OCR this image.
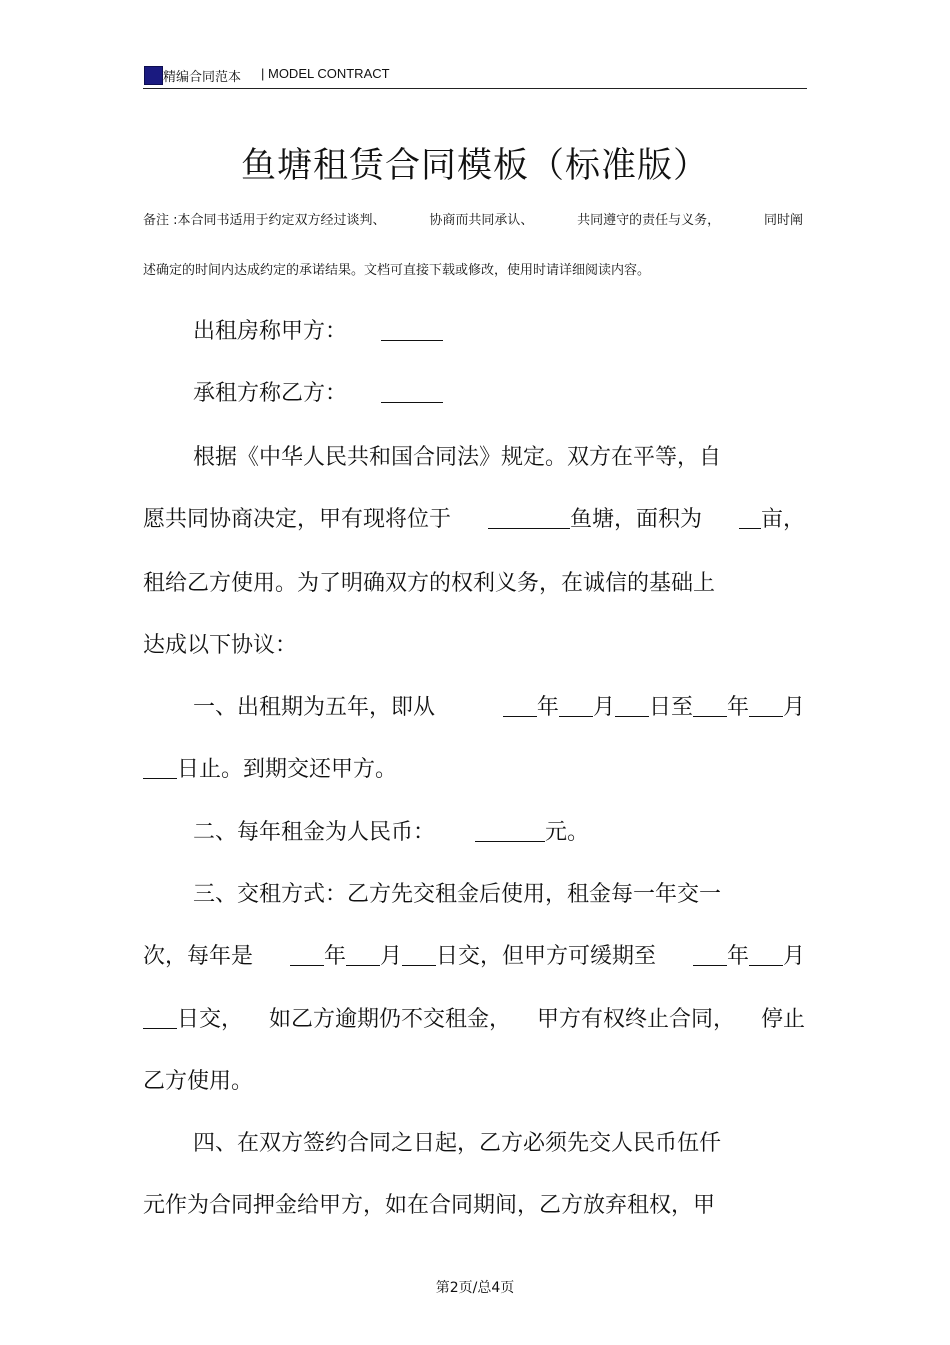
精编合同范本 | MODEL CONTRACT
鱼塘租赁合同模板（标准版）
备注 :本合同书适用于约定双方经过谈判、	协商而共同承认、	共同遵守的责任与义务，	同时阐
述确定的时间内达成约定的承诺结果。文档可直接下载或修改，使用时请详细阅读内容。
出租房称甲方：
承租方称乙方：
根据《中华人民共和国合同法》规定。双方在平等，自
愿共同协商决定，甲有现将位于	鱼塘，面积为	亩，
租给乙方使用。为了明确双方的权利义务，在诚信的基础上
达成以下协议：
一、出租期为五年，即从	年 月 日至 年 月
日止。到期交还甲方。
二、每年租金为人民币：	元。
三、交租方式：乙方先交租金后使用，租金每一年交一
次，每年是	年 月 日交，但甲方可缓期至	年 月
日交， 如乙方逾期仍不交租金， 甲方有权终止合同， 停止
乙方使用。
四、在双方签约合同之日起，乙方必须先交人民币伍仟
元作为合同押金给甲方，如在合同期间，乙方放弃租权，甲
第2页/总4页
